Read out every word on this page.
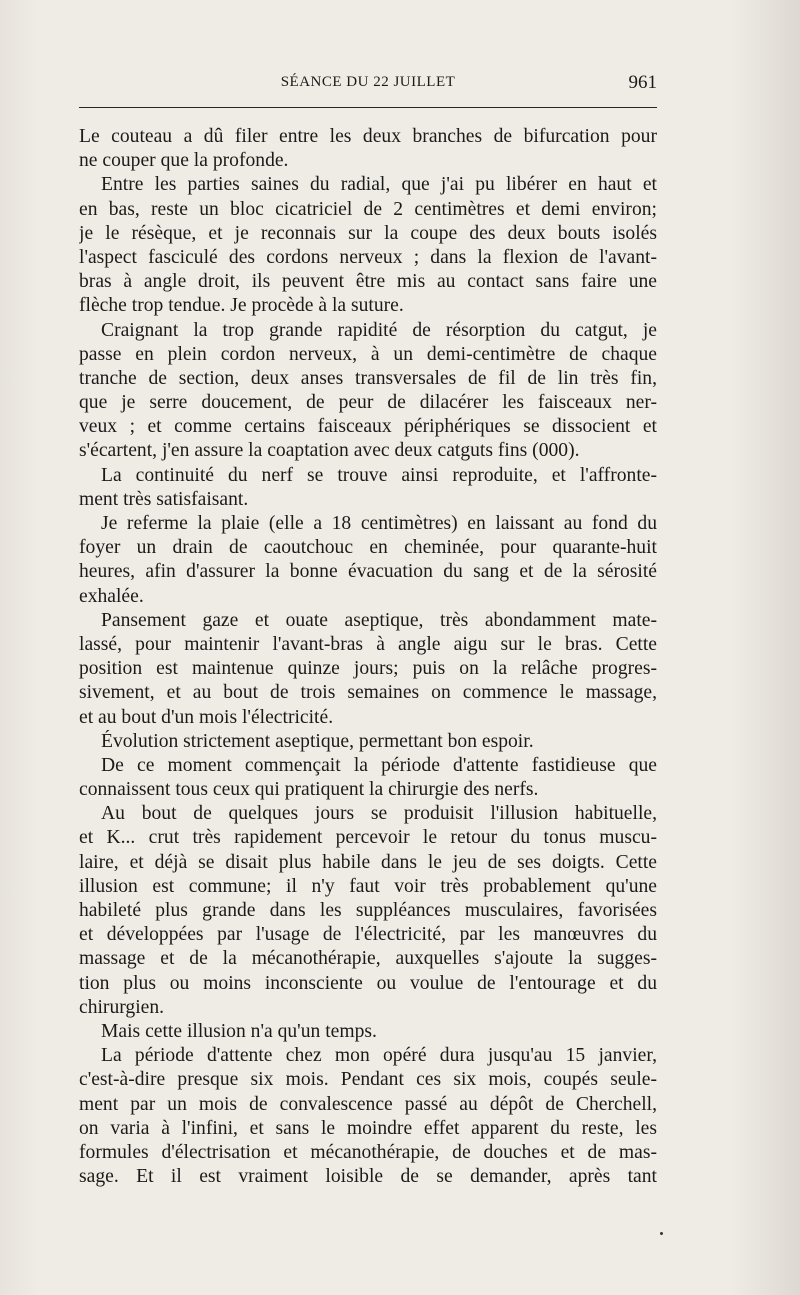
SÉANCE DU 22 JUILLET	961
Le couteau a dû filer entre les deux branches de bifurcation pour
ne couper que la profonde.
Entre les parties saines du radial, que j'ai pu libérer en haut et
en bas, reste un bloc cicatriciel de 2 centimètres et demi environ;
je le résèque, et je reconnais sur la coupe des deux bouts isolés
l'aspect fasciculé des cordons nerveux ; dans la flexion de l'avant-
bras à angle droit, ils peuvent être mis au contact sans faire une
flèche trop tendue. Je procède à la suture.
Craignant la trop grande rapidité de résorption du catgut, je
passe en plein cordon nerveux, à un demi-centimètre de chaque
tranche de section, deux anses transversales de fil de lin très fin,
que je serre doucement, de peur de dilacérer les faisceaux ner-
veux ; et comme certains faisceaux périphériques se dissocient et
s'écartent, j'en assure la coaptation avec deux catguts fins (000).
La continuité du nerf se trouve ainsi reproduite, et l'affronte-
ment très satisfaisant.
Je referme la plaie (elle a 18 centimètres) en laissant au fond du
foyer un drain de caoutchouc en cheminée, pour quarante-huit
heures, afin d'assurer la bonne évacuation du sang et de la sérosité
exhalée.
Pansement gaze et ouate aseptique, très abondamment mate-
lassé, pour maintenir l'avant-bras à angle aigu sur le bras. Cette
position est maintenue quinze jours; puis on la relâche progres-
sivement, et au bout de trois semaines on commence le massage,
et au bout d'un mois l'électricité.
Évolution strictement aseptique, permettant bon espoir.
De ce moment commençait la période d'attente fastidieuse que
connaissent tous ceux qui pratiquent la chirurgie des nerfs.
Au bout de quelques jours se produisit l'illusion habituelle,
et K... crut très rapidement percevoir le retour du tonus muscu-
laire, et déjà se disait plus habile dans le jeu de ses doigts. Cette
illusion est commune; il n'y faut voir très probablement qu'une
habileté plus grande dans les suppléances musculaires, favorisées
et développées par l'usage de l'électricité, par les manœuvres du
massage et de la mécanothérapie, auxquelles s'ajoute la sugges-
tion plus ou moins inconsciente ou voulue de l'entourage et du
chirurgien.
Mais cette illusion n'a qu'un temps.
La période d'attente chez mon opéré dura jusqu'au 15 janvier,
c'est-à-dire presque six mois. Pendant ces six mois, coupés seule-
ment par un mois de convalescence passé au dépôt de Cherchell,
on varia à l'infini, et sans le moindre effet apparent du reste, les
formules d'électrisation et mécanothérapie, de douches et de mas-
sage. Et il est vraiment loisible de se demander, après tant
